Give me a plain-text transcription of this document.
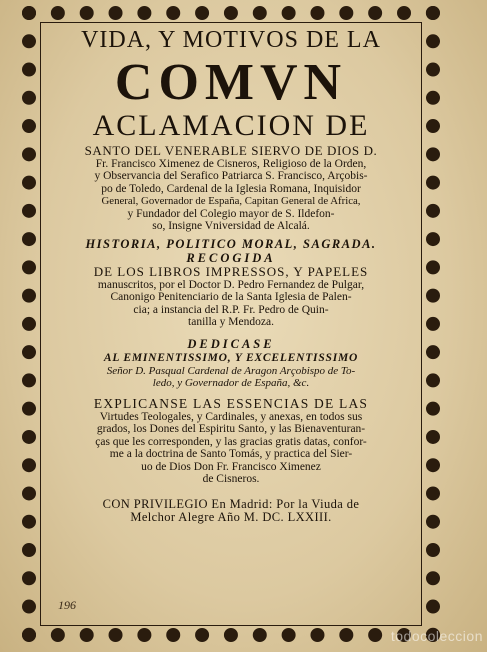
VIDA, Y MOTIVOS DE LA
COMVN
ACLAMACION DE
SANTO DEL VENERABLE SIERVO DE DIOS D.
Fr. Francisco Ximenez de Cisneros, Religioso de la Orden,
y Observancia del Serafico Patriarca S. Francisco, Arçobis-
po de Toledo, Cardenal de la Iglesia Romana, Inquisidor
General, Governador de España, Capitan General de Africa,
y Fundador del Colegio mayor de S. Ildefon-
so, Insigne Vniversidad de Alcalá.
HISTORIA, POLITICO MORAL, SAGRADA.
RECOGIDA
DE LOS LIBROS IMPRESSOS, Y PAPELES
manuscritos, por el Doctor D. Pedro Fernandez de Pulgar,
Canonigo Penitenciario de la Santa Iglesia de Palen-
cia; a instancia del R.P. Fr. Pedro de Quin-
tanilla y Mendoza.
DEDICASE
AL EMINENTISSIMO, Y EXCELENTISSIMO
Señor D. Pasqual Cardenal de Aragon Arçobispo de To-
ledo, y Governador de España, &c.
EXPLICANSE LAS ESSENCIAS DE LAS
Virtudes Teologales, y Cardinales, y anexas, en todos sus
grados, los Dones del Espiritu Santo, y las Bienaventuran-
ças que les corresponden, y las gracias gratis datas, confor-
me a la doctrina de Santo Tomás, y practica del Sier-
uo de Dios Don Fr. Francisco Ximenez
de Cisneros.
CON PRIVILEGIO En Madrid: Por la Viuda de
Melchor Alegre Año M. DC. LXXIII.
196
todocoleccion
